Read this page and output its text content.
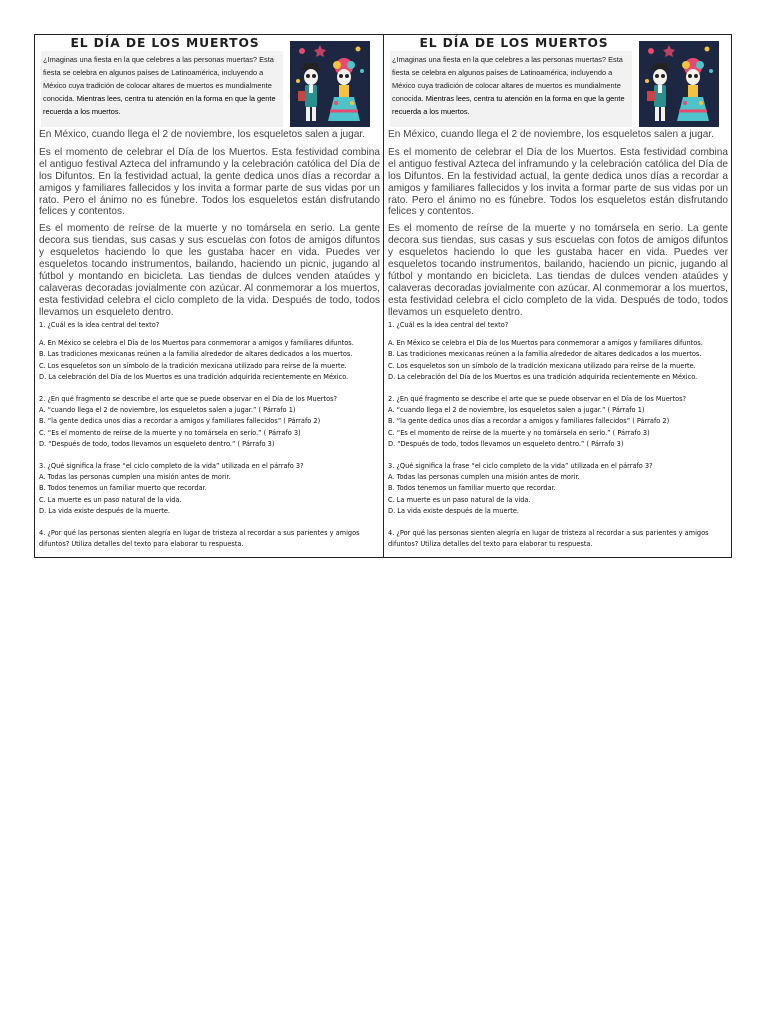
EL DÍA DE LOS MUERTOS
¿Imaginas una fiesta en la que celebres a las personas muertas? Esta fiesta se celebra en algunos países de Latinoamérica, incluyendo a México cuya tradición de colocar altares de muertos es mundialmente conocida. Mientras lees, centra tu atención en la forma en que la gente recuerda a los muertos.

En México, cuando llega el 2 de noviembre, los esqueletos salen a jugar.

Es el momento de celebrar el Día de los Muertos. Esta festividad combina el antiguo festival Azteca del inframundo y la celebración católica del Día de los Difuntos. En la festividad actual, la gente dedica unos días a recordar a amigos y familiares fallecidos y los invita a formar parte de sus vidas por un rato. Pero el ánimo no es fúnebre. Todos los esqueletos están disfrutando felices y contentos.

Es el momento de reírse de la muerte y no tomársela en serio. La gente decora sus tiendas, sus casas y sus escuelas con fotos de amigos difuntos y esqueletos haciendo lo que les gustaba hacer en vida. Puedes ver esqueletos tocando instrumentos, bailando, haciendo un picnic, jugando al fútbol y montando en bicicleta. Las tiendas de dulces venden ataúdes y calaveras decoradas jovialmente con azúcar. Al conmemorar a los muertos, esta festividad celebra el ciclo completo de la vida. Después de todo, todos llevamos un esqueleto dentro.

1. ¿Cuál es la idea central del texto?

A. En México se celebra el Día de los Muertos para conmemorar a amigos y familiares difuntos.

B. Las tradiciones mexicanas reúnen a la familia alrededor de altares dedicados a los muertos.

C. Los esqueletos son un símbolo de la tradición mexicana utilizado para reírse de la muerte.

D. La celebración del Día de los Muertos es una tradición adquirida recientemente en México.

2. ¿En qué fragmento se describe el arte que se puede observar en el Día de los Muertos?

A. “cuando llega el 2 de noviembre, los esqueletos salen a jugar.” ( Párrafo 1)

B. “la gente dedica unos días a recordar a amigos y familiares fallecidos” ( Párrafo 2)

C. “Es el momento de reírse de la muerte y no tomársela en serio.” ( Párrafo 3)

D. “Después de todo, todos llevamos un esqueleto dentro.” ( Párrafo 3)

3. ¿Qué significa la frase “el ciclo completo de la vida” utilizada en el párrafo 3?

A. Todas las personas cumplen una misión antes de morir.

B. Todos tenemos un familiar muerto que recordar.

C. La muerte es un paso natural de la vida.

D. La vida existe después de la muerte.

4. ¿Por qué las personas sienten alegría en lugar de tristeza al recordar a sus parientes y amigos difuntos? Utiliza detalles del texto para elaborar tu respuesta.

EL DÍA DE LOS MUERTOS
¿Imaginas una fiesta en la que celebres a las personas muertas? Esta fiesta se celebra en algunos países de Latinoamérica, incluyendo a México cuya tradición de colocar altares de muertos es mundialmente conocida. Mientras lees, centra tu atención en la forma en que la gente recuerda a los muertos.

En México, cuando llega el 2 de noviembre, los esqueletos salen a jugar.

Es el momento de celebrar el Día de los Muertos. Esta festividad combina el antiguo festival Azteca del inframundo y la celebración católica del Día de los Difuntos. En la festividad actual, la gente dedica unos días a recordar a amigos y familiares fallecidos y los invita a formar parte de sus vidas por un rato. Pero el ánimo no es fúnebre. Todos los esqueletos están disfrutando felices y contentos.

Es el momento de reírse de la muerte y no tomársela en serio. La gente decora sus tiendas, sus casas y sus escuelas con fotos de amigos difuntos y esqueletos haciendo lo que les gustaba hacer en vida. Puedes ver esqueletos tocando instrumentos, bailando, haciendo un picnic, jugando al fútbol y montando en bicicleta. Las tiendas de dulces venden ataúdes y calaveras decoradas jovialmente con azúcar. Al conmemorar a los muertos, esta festividad celebra el ciclo completo de la vida. Después de todo, todos llevamos un esqueleto dentro.

1. ¿Cuál es la idea central del texto?

A. En México se celebra el Día de los Muertos para conmemorar a amigos y familiares difuntos.

B. Las tradiciones mexicanas reúnen a la familia alrededor de altares dedicados a los muertos.

C. Los esqueletos son un símbolo de la tradición mexicana utilizado para reírse de la muerte.

D. La celebración del Día de los Muertos es una tradición adquirida recientemente en México.

2. ¿En qué fragmento se describe el arte que se puede observar en el Día de los Muertos?

A. “cuando llega el 2 de noviembre, los esqueletos salen a jugar.” ( Párrafo 1)

B. “la gente dedica unos días a recordar a amigos y familiares fallecidos” ( Párrafo 2)

C. “Es el momento de reírse de la muerte y no tomársela en serio.” ( Párrafo 3)

D. “Después de todo, todos llevamos un esqueleto dentro.” ( Párrafo 3)

3. ¿Qué significa la frase “el ciclo completo de la vida” utilizada en el párrafo 3?

A. Todas las personas cumplen una misión antes de morir.

B. Todos tenemos un familiar muerto que recordar.

C. La muerte es un paso natural de la vida.

D. La vida existe después de la muerte.

4. ¿Por qué las personas sienten alegría en lugar de tristeza al recordar a sus parientes y amigos difuntos? Utiliza detalles del texto para elaborar tu respuesta.
